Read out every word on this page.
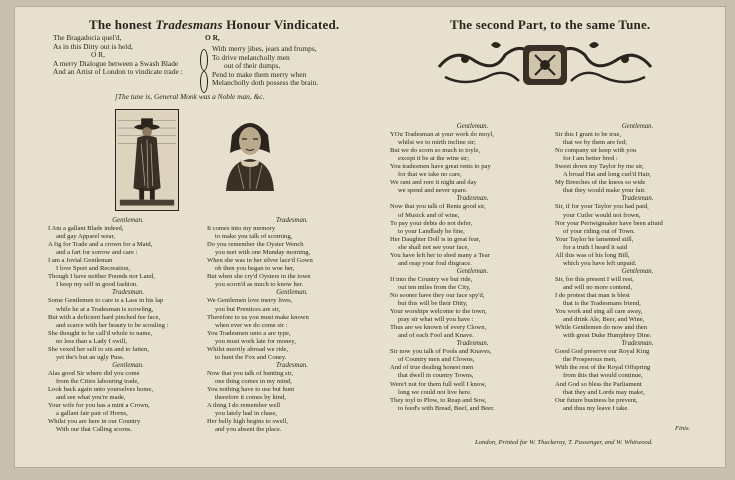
The honest Tradesmans Honour Vindicated.
The Bragadocia quel'd,
As in this Ditty out is held,
O R,
A merry Dialogue between a Swash Blade
And an Artist of London to vindicate trade :
O R,
With merry jibes, jears and frumps,
To drive melancholly men
out of their dumps,
Pend to make them merry when
Melancholly doth possess the brain.
[The tune is, General Monk was a Noble man, &c.
Gentleman.
I Am a gallant Blade indeed,
and gay Apparel wear,
A fig for Trade and a crown for a Maid,
and a fart for sorrow and care :
I am a Jovial Gentleman
I love Sport and Recreation,
Though I have neither Pounds nor Land,
I keep my self in good fashion.
Tradesman.
Some Gentlemen to care is a Lass in his lap
while he at a Tradesman is scowling,
But with a deficient hard pinched fee face,
and scarce with her beauty to be scouling :
She thought to be call'd whole to name,
no less than a Lady I swill,
She vexed her self to sin and to fatten,
yet the's but an ugly Puss.
Gentleman.
Alas good Sir where did you come
from the Cities labouring trade,
Look back again unto yourselves home,
and see what you're made,
Your wife for you has a mint a Crown,
a gallant fair pair of Horns,
Whilst you are here in our Country
With our that Calling scorns.
Tradesman.
It comes into my memory
to make you talk of scorning,
Do you remember the Oyster Wench
you met with one Munday morning,
When she was in her silver lace'd Gown
oh then you began to woe her,
But when she cry'd Oysters in the town
you scorn'd as much to know her.
Gentleman.
We Gentlemen love merry lives,
you but Prentices are sir,
Therefore to us you must make known
when ever we do come sir :
You Tradesmen unto a are type,
you must work late for money,
Whilst merrily abroad we ride,
to hunt the Fox and Coney.
Tradesman.
Now that you talk of hunting sir,
one thing comes in my mind,
You nothing have to use but hunt
therefore it comes by kind,
A thing I do remember well
you lately had in chase,
Her belly high begins to swell,
and you absent the place.
The second Part, to the same Tune.
Gentleman.
YOu Tradesman at your work do moyl,
whilst we to mirth incline sir;
But we do scorn so much to toyle,
except it be at the wine sir;
You tradesmen have great rents to pay
for that we take no care,
We rant and rore it night and day
we spend and never spare.
Tradesman.
Now that you talk of Rents good sir,
of Musick and of wine,
To pay your debts do not defer,
to your Landlady be fine,
Her Daughter Doll is in great fear,
she shall not see your face,
You have left her to shed many a Tear
and reap your foul disgrace.
Gentleman.
If into the Country we but ride,
out ten miles from the City,
No sooner have they our face spy'd,
but this will be their Ditty,
Your worships welcome to the town,
pray sir what will you have :
Thus are we known of every Clown,
and of each Fool and Knave.
Tradesman.
Sir now you talk of Fools and Knaves,
of Country men and Clowns,
And of true dealing honest men
that dwell in country Towns,
Were't not for them full well I know,
long we could not live here.
They toyl to Plow, to Reap and Sow,
to feed's with Bread, Beef, and Beer.
Gentleman.
Sir this I grant to be true,
that we by them are fed;
No company sir keep with you
for I am better bred :
Sweet down my Taylor by me sir,
A broad Hat and long curl'd Hair,
My Breeches of the knees so wide
that they would make your fair.
Tradesman.
Sir, if for your Taylor you had paid,
your Cutler would not frown,
Nor your Periwigmaker have been afraid
of your riding out of Town.
Your Taylor he lamented still,
for a truth I heard it said
All this was of his long Bill,
which you have left unpaid.
Gentleman.
Sir, for this present I will rest,
and will no more contend,
I do protest that man is blest
that is the Tradesmans friend,
You work and sing all care away,
and drink Ale, Beer, and Wine,
While Gentlemen do now and then
with great Duke Humphrey Dine.
Tradesman.
Good God preserve our Royal King
the Prosperous men,
With the rest of the Royal Offspring
from this that would continue,
And God so bless the Parliament
that they and Lords may make,
Our future business be prevent,
and thus my leave I take.
Finis.
London, Printed for W. Thackeray, T. Passenger, and W. Whitwood.
